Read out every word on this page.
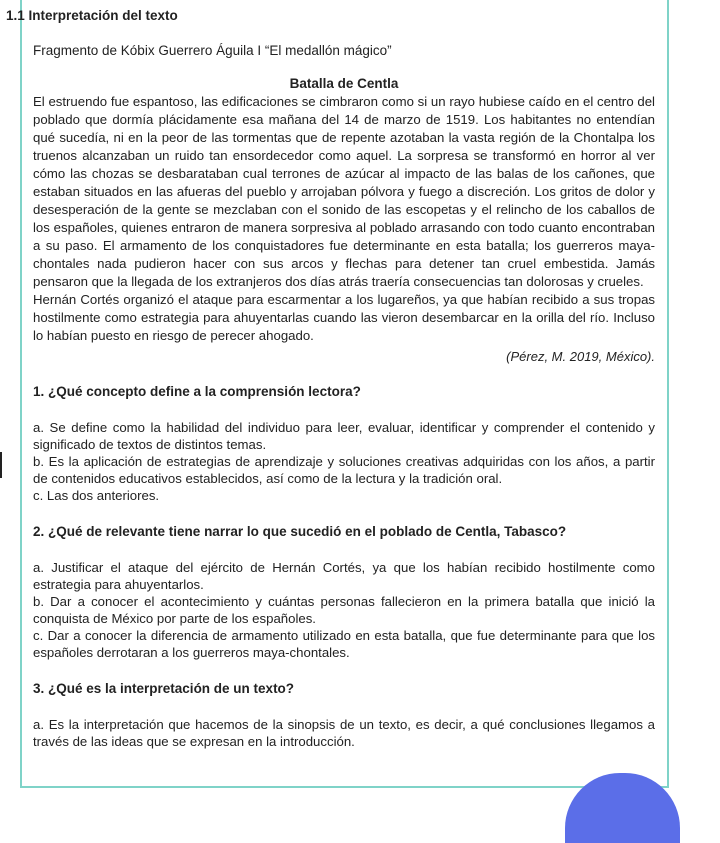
1.1 Interpretación del texto
Fragmento de Kóbix Guerrero Águila I “El medallón mágico”
Batalla de Centla

El estruendo fue espantoso, las edificaciones se cimbraron como si un rayo hubiese caído en el centro del poblado que dormía plácidamente esa mañana del 14 de marzo de 1519. Los habitantes no entendían qué sucedía, ni en la peor de las tormentas que de repente azotaban la vasta región de la Chontalpa los truenos alcanzaban un ruido tan ensordecedor como aquel. La sorpresa se transformó en horror al ver cómo las chozas se desbarataban cual terrones de azúcar al impacto de las balas de los cañones, que estaban situados en las afueras del pueblo y arrojaban pólvora y fuego a discreción. Los gritos de dolor y desesperación de la gente se mezclaban con el sonido de las escopetas y el relincho de los caballos de los españoles, quienes entraron de manera sorpresiva al poblado arrasando con todo cuanto encontraban a su paso. El armamento de los conquistadores fue determinante en esta batalla; los guerreros maya-chontales nada pudieron hacer con sus arcos y flechas para detener tan cruel embestida. Jamás pensaron que la llegada de los extranjeros dos días atrás traería consecuencias tan dolorosas y crueles.

Hernán Cortés organizó el ataque para escarmentar a los lugareños, ya que habían recibido a sus tropas hostilmente como estrategia para ahuyentarlas cuando las vieron desembarcar en la orilla del río. Incluso lo habían puesto en riesgo de perecer ahogado.

(Pérez, M. 2019, México).
1. ¿Qué concepto define a la comprensión lectora?
a. Se define como la habilidad del individuo para leer, evaluar, identificar y comprender el contenido y significado de textos de distintos temas.
b. Es la aplicación de estrategias de aprendizaje y soluciones creativas adquiridas con los años, a partir de contenidos educativos establecidos, así como de la lectura y la tradición oral.
c. Las dos anteriores.
2. ¿Qué de relevante tiene narrar lo que sucedió en el poblado de Centla, Tabasco?
a. Justificar el ataque del ejército de Hernán Cortés, ya que los habían recibido hostilmente como estrategia para ahuyentarlos.
b. Dar a conocer el acontecimiento y cuántas personas fallecieron en la primera batalla que inició la conquista de México por parte de los españoles.
c. Dar a conocer la diferencia de armamento utilizado en esta batalla, que fue determinante para que los españoles derrotaran a los guerreros maya-chontales.
3. ¿Qué es la interpretación de un texto?
a. Es la interpretación que hacemos de la sinopsis de un texto, es decir, a qué conclusiones llegamos a través de las ideas que se expresan en la introducción.
